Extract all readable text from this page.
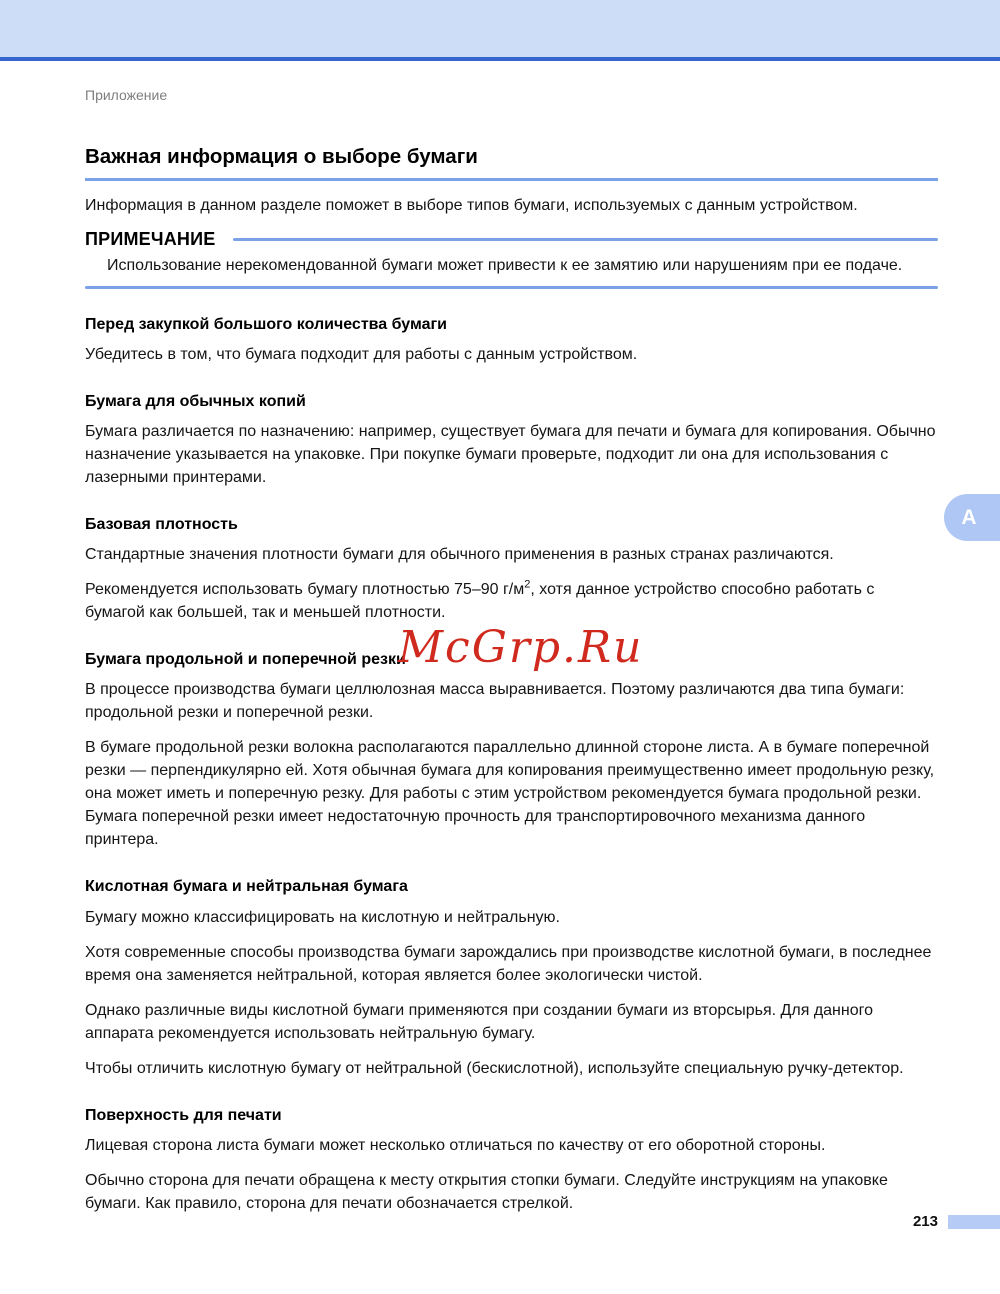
Приложение
Важная информация о выборе бумаги

Информация в данном разделе поможет в выборе типов бумаги, используемых с данным устройством.

ПРИМЕЧАНИЕ

Использование нерекомендованной бумаги может привести к ее замятию или нарушениям при ее подаче.

Перед закупкой большого количества бумаги

Убедитесь в том, что бумага подходит для работы с данным устройством.

Бумага для обычных копий

Бумага различается по назначению: например, существует бумага для печати и бумага для копирования. Обычно назначение указывается на упаковке. При покупке бумаги проверьте, подходит ли она для использования с лазерными принтерами.

Базовая плотность

Стандартные значения плотности бумаги для обычного применения в разных странах различаются.

Рекомендуется использовать бумагу плотностью 75–90 $г/м^2$, хотя данное устройство способно работать с бумагой как большей, так и меньшей плотности.

Бумага продольной и поперечной резки

В процессе производства бумаги целлюлозная масса выравнивается. Поэтому различаются два типа бумаги: продольной резки и поперечной резки.

В бумаге продольной резки волокна располагаются параллельно длинной стороне листа. А в бумаге поперечной резки — перпендикулярно ей. Хотя обычная бумага для копирования преимущественно имеет продольную резку, она может иметь и поперечную резку. Для работы с этим устройством рекомендуется бумага продольной резки. Бумага поперечной резки имеет недостаточную прочность для транспортировочного механизма данного принтера.

Кислотная бумага и нейтральная бумага

Бумагу можно классифицировать на кислотную и нейтральную.

Хотя современные способы производства бумаги зарождались при производстве кислотной бумаги, в последнее время она заменяется нейтральной, которая является более экологически чистой.

Однако различные виды кислотной бумаги применяются при создании бумаги из вторсырья. Для данного аппарата рекомендуется использовать нейтральную бумагу.

Чтобы отличить кислотную бумагу от нейтральной (бескислотной), используйте специальную ручку-детектор.

Поверхность для печати

Лицевая сторона листа бумаги может несколько отличаться по качеству от его оборотной стороны.

Обычно сторона для печати обращена к месту открытия стопки бумаги. Следуйте инструкциям на упаковке бумаги. Как правило, сторона для печати обозначается стрелкой.

McGrp.Ru
A
213
